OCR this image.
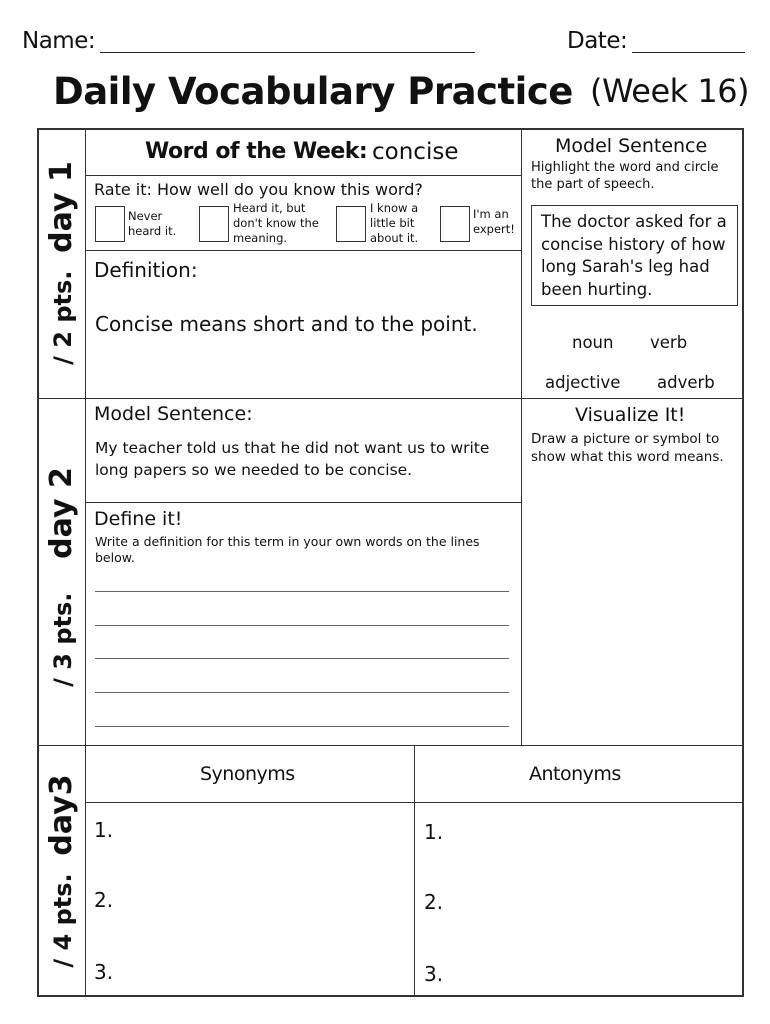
Name:	Date:
Daily Vocabulary Practice (Week 16)
/ 2 pts. day 1
/ 3 pts. day 2
/ 4 pts. day3
Word of the Week: concise
Rate it: How well do you know this word?
Never heard it.
Heard it, but don't know the meaning.
I know a little bit about it.
I'm an expert!
Definition:
Concise means short and to the point.
Model Sentence
Highlight the word and circle the part of speech.
The doctor asked for a concise history of how long Sarah's leg had been hurting.
noun verb
adjective adverb
Model Sentence:
My teacher told us that he did not want us to write long papers so we needed to be concise.
Define it!
Write a definition for this term in your own words on the lines below.
Visualize It!
Draw a picture or symbol to show what this word means.
Synonyms	Antonyms
1.
2.
3.
1.
2.
3.
